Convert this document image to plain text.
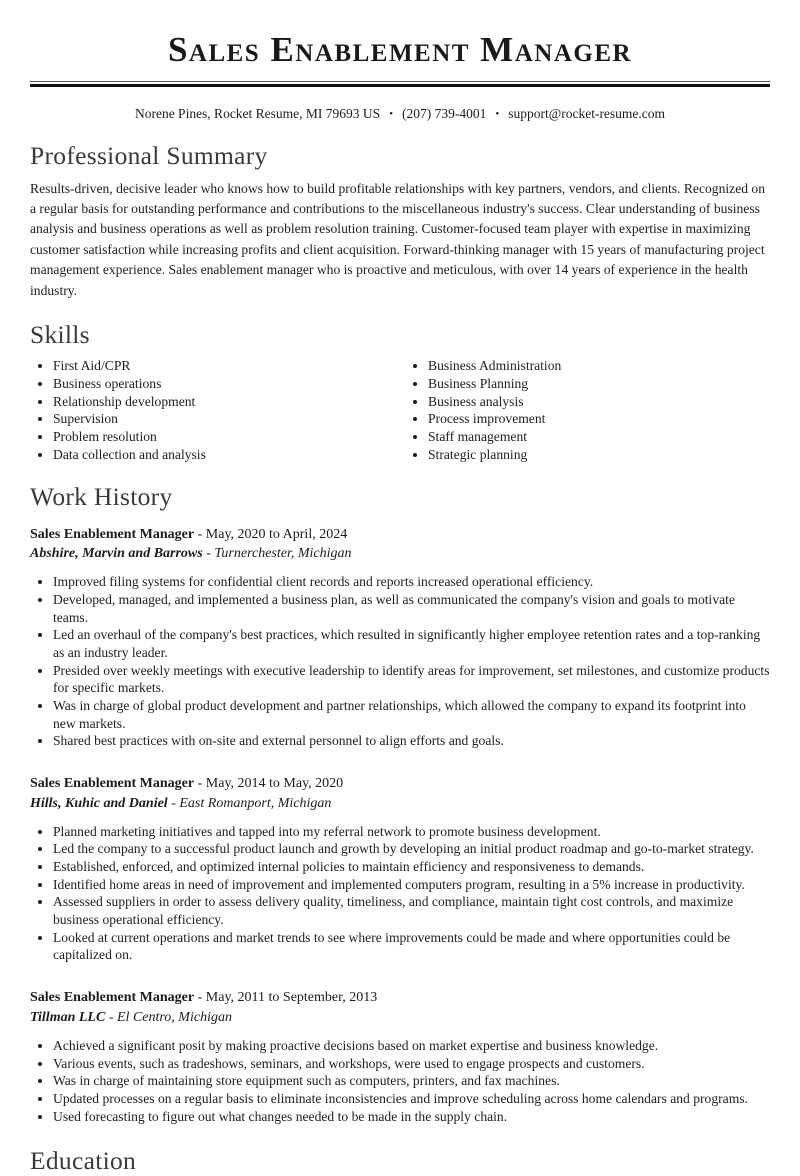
Sales Enablement Manager

Norene Pines, Rocket Resume, MI 79693 US • (207) 739-4001 • support@rocket-resume.com

Professional Summary

Results-driven, decisive leader who knows how to build profitable relationships with key partners, vendors, and clients. Recognized on a regular basis for outstanding performance and contributions to the miscellaneous industry's success. Clear understanding of business analysis and business operations as well as problem resolution training. Customer-focused team player with expertise in maximizing customer satisfaction while increasing profits and client acquisition. Forward-thinking manager with 15 years of manufacturing project management experience. Sales enablement manager who is proactive and meticulous, with over 14 years of experience in the health industry.

Skills
• First Aid/CPR
• Business operations
• Relationship development
• Supervision
• Problem resolution
• Data collection and analysis
• Business Administration
• Business Planning
• Business analysis
• Process improvement
• Staff management
• Strategic planning
Work History

Sales Enablement Manager - May, 2020 to April, 2024

Abshire, Marvin and Barrows - Turnerchester, Michigan

• Improved filing systems for confidential client records and reports increased operational efficiency.
• Developed, managed, and implemented a business plan, as well as communicated the company's vision and goals to motivate teams.
• Led an overhaul of the company's best practices, which resulted in significantly higher employee retention rates and a top-ranking as an industry leader.
• Presided over weekly meetings with executive leadership to identify areas for improvement, set milestones, and customize products for specific markets.
• Was in charge of global product development and partner relationships, which allowed the company to expand its footprint into new markets.
• Shared best practices with on-site and external personnel to align efforts and goals.

Sales Enablement Manager - May, 2014 to May, 2020

Hills, Kuhic and Daniel - East Romanport, Michigan

• Planned marketing initiatives and tapped into my referral network to promote business development.
• Led the company to a successful product launch and growth by developing an initial product roadmap and go-to-market strategy.
• Established, enforced, and optimized internal policies to maintain efficiency and responsiveness to demands.
• Identified home areas in need of improvement and implemented computers program, resulting in a 5% increase in productivity.
• Assessed suppliers in order to assess delivery quality, timeliness, and compliance, maintain tight cost controls, and maximize business operational efficiency.
• Looked at current operations and market trends to see where improvements could be made and where opportunities could be capitalized on.

Sales Enablement Manager - May, 2011 to September, 2013

Tillman LLC - El Centro, Michigan

• Achieved a significant posit by making proactive decisions based on market expertise and business knowledge.
• Various events, such as tradeshows, seminars, and workshops, were used to engage prospects and customers.
• Was in charge of maintaining store equipment such as computers, printers, and fax machines.
• Updated processes on a regular basis to eliminate inconsistencies and improve scheduling across home calendars and programs.
• Used forecasting to figure out what changes needed to be made in the supply chain.
Education
